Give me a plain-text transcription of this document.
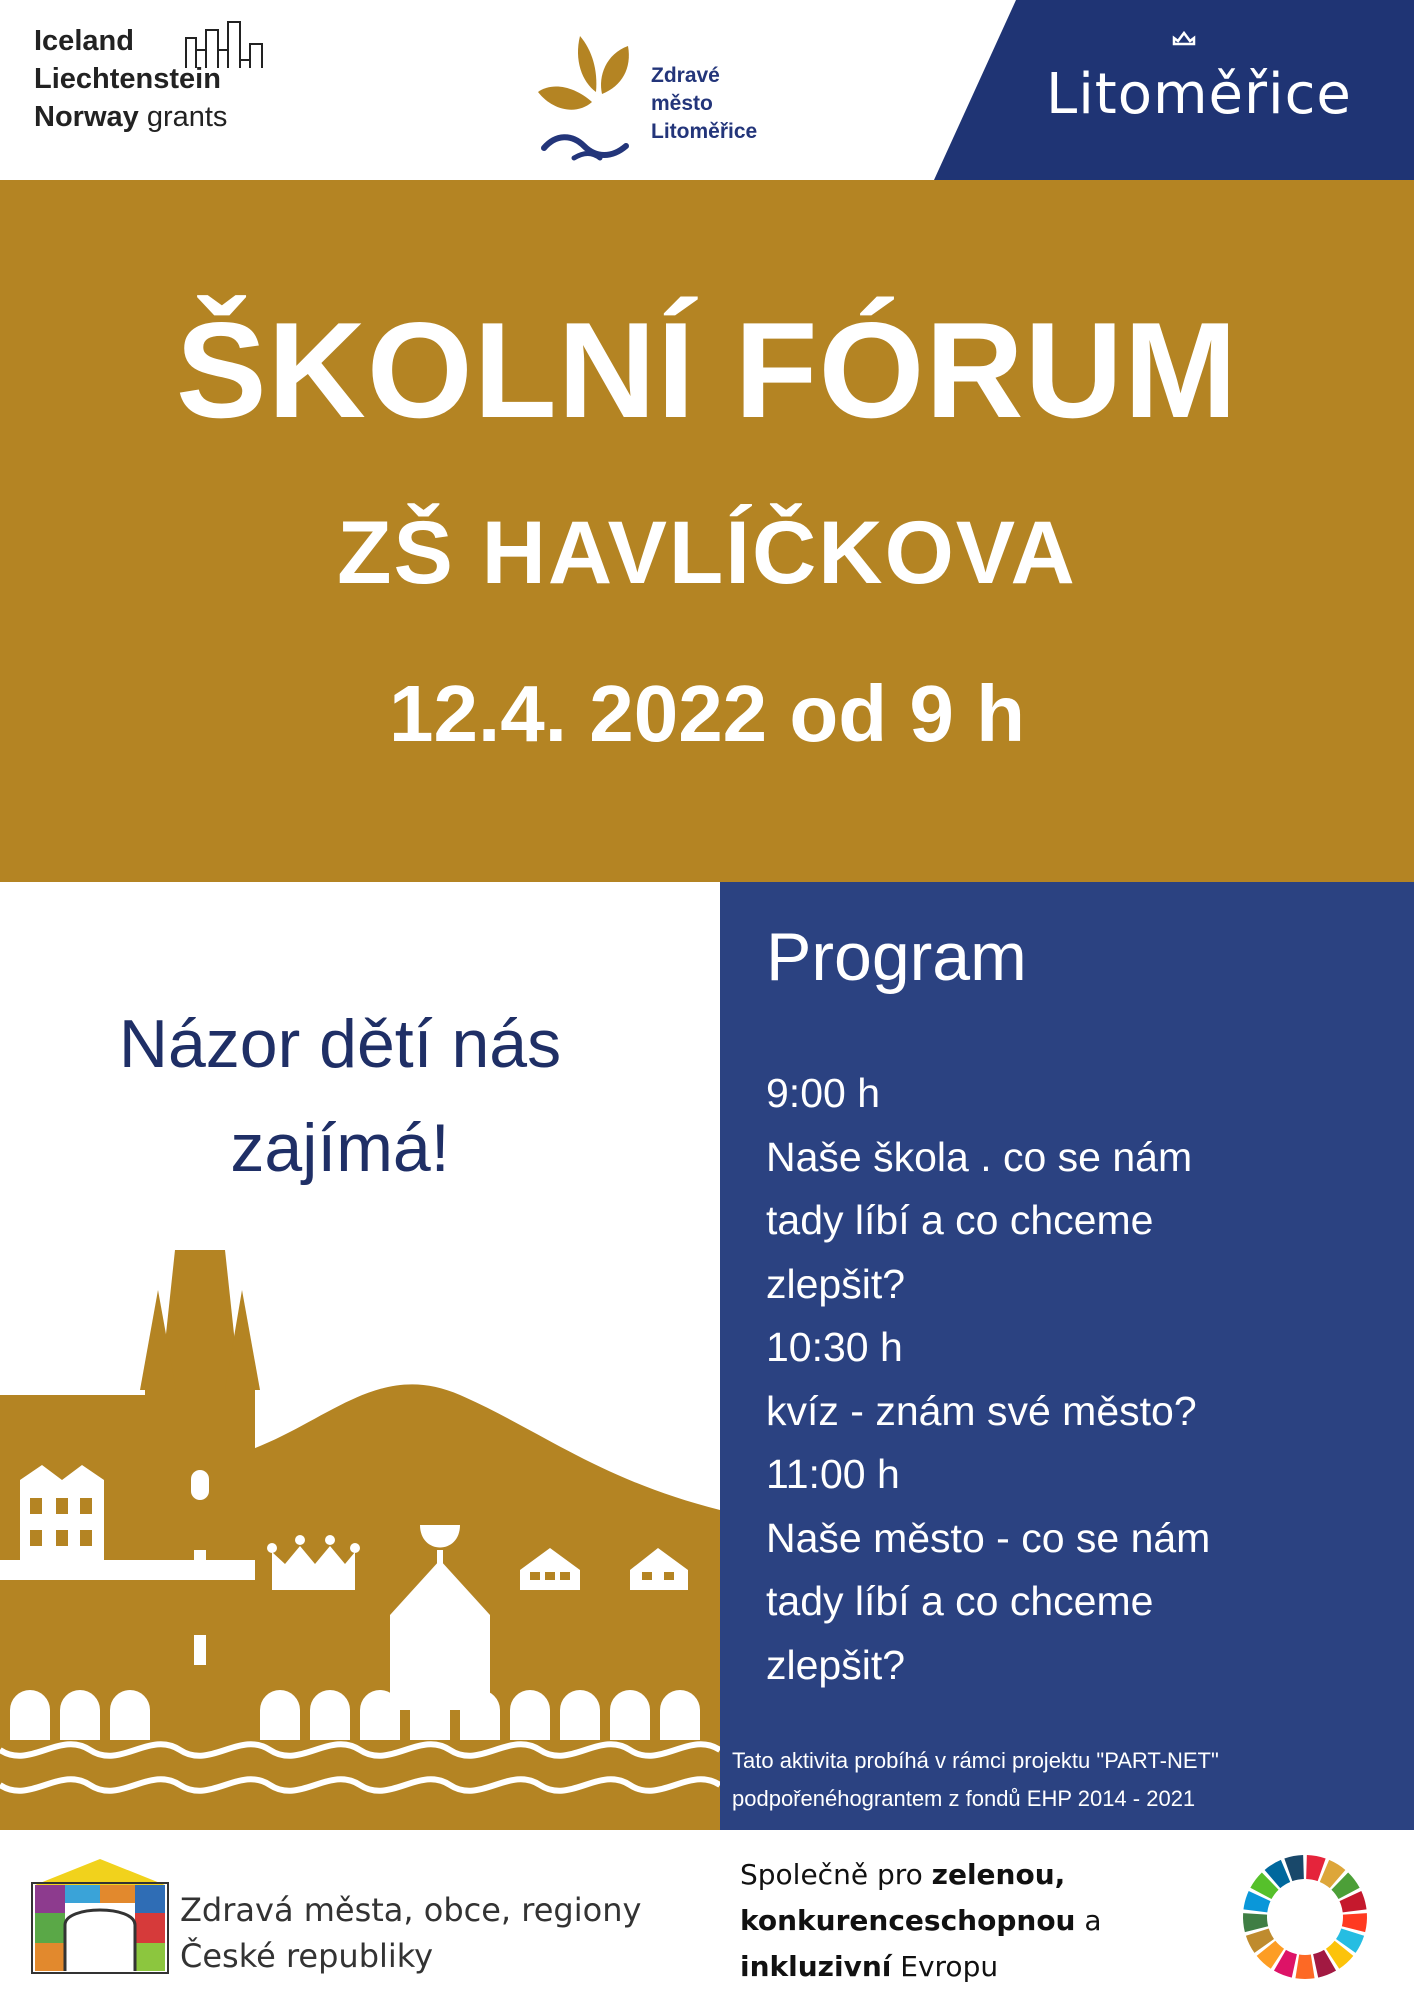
Iceland
Liechtenstein
Norway grants
Zdravé
město
Litoměřice
Litoměřice
ŠKOLNÍ FÓRUM
ZŠ HAVLÍČKOVA
12.4. 2022 od 9 h
Názor dětí nás
zajímá!
Program
9:00 h
Naše škola . co se nám
tady líbí a co chceme
zlepšit?
10:30 h
kvíz - znám své město?
11:00 h
Naše město - co se nám
tady líbí a co chceme
zlepšit?
Tato aktivita probíhá v rámci projektu "PART-NET"
podpořenéhograntem z fondů EHP 2014 - 2021
Zdravá města, obce, regiony
České republiky
Společně pro zelenou,
konkurenceschopnou a
inkluzivní Evropu
